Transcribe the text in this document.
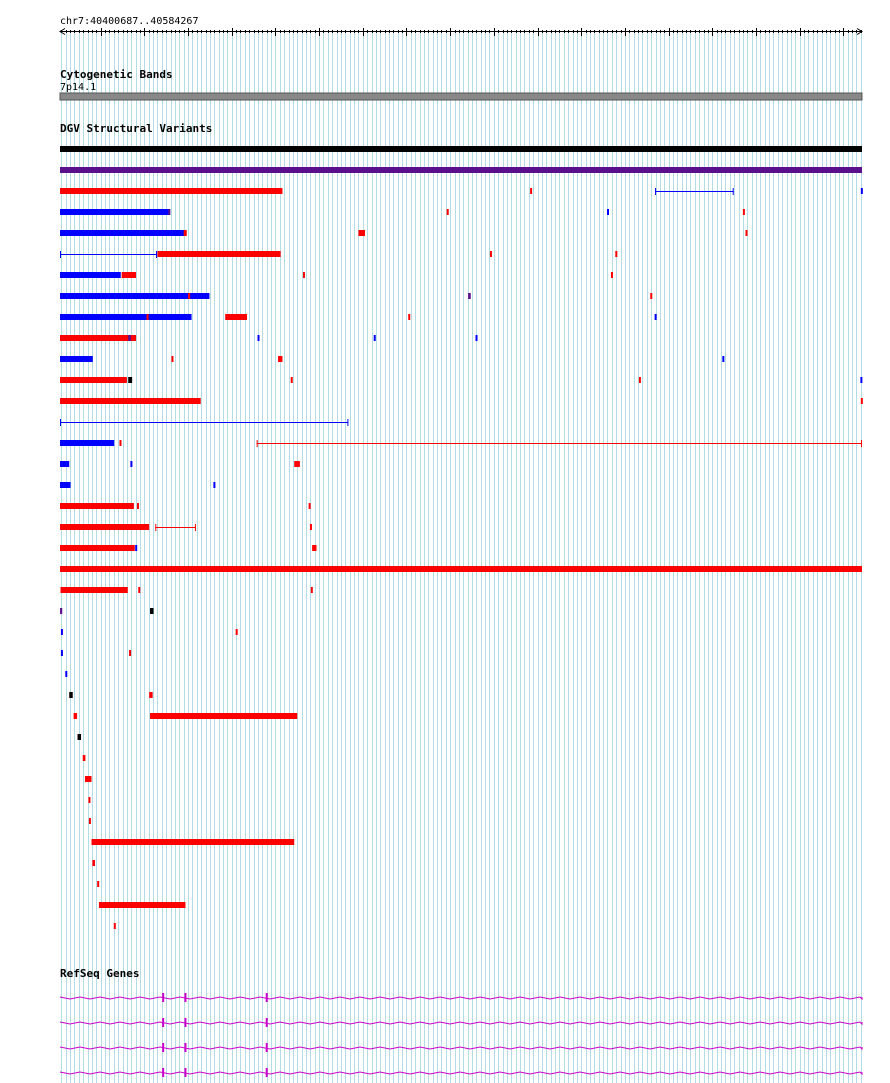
chr7:40400687..40584267
Cytogenetic Bands
7p14.1
DGV Structural Variants
RefSeq Genes
